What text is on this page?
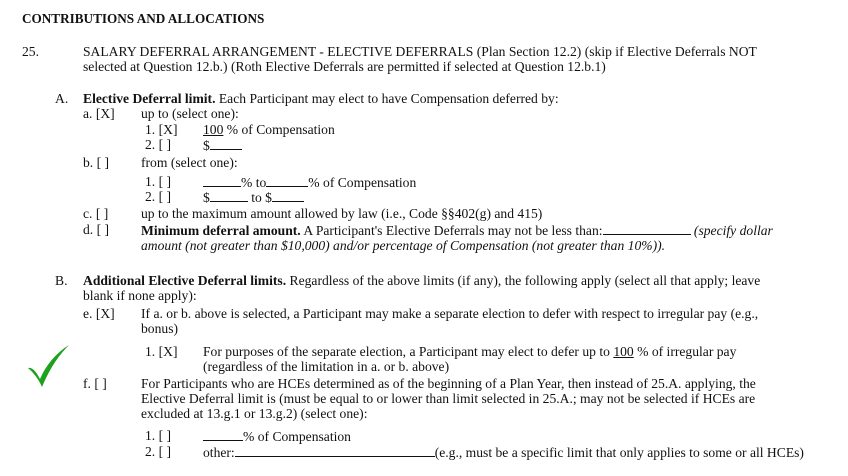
CONTRIBUTIONS AND ALLOCATIONS
25.	SALARY DEFERRAL ARRANGEMENT - ELECTIVE DEFERRALS (Plan Section 12.2) (skip if Elective Deferrals NOT
selected at Question 12.b.) (Roth Elective Deferrals are permitted if selected at Question 12.b.1)
A. Elective Deferral limit. Each Participant may elect to have Compensation deferred by:
a. [X] up to (select one):
1. [X] 100 % of Compensation
2. [ ] $
b. [ ] from (select one):
1. [ ]	% to	% of Compensation
2. [ ] $	to $
c. [ ] up to the maximum amount allowed by law (i.e., Code §§402(g) and 415)
d. [ ] Minimum deferral amount. A Participant's Elective Deferrals may not be less than:	(specify dollar
amount (not greater than $10,000) and/or percentage of Compensation (not greater than 10%)).
B. Additional Elective Deferral limits. Regardless of the above limits (if any), the following apply (select all that apply; leave
blank if none apply):
e. [X] If a. or b. above is selected, a Participant may make a separate election to defer with respect to irregular pay (e.g.,
bonus)
1. [X] For purposes of the separate election, a Participant may elect to defer up to 100 % of irregular pay
(regardless of the limitation in a. or b. above)
f. [ ]	For Participants who are HCEs determined as of the beginning of a Plan Year, then instead of 25.A. applying, the
Elective Deferral limit is (must be equal to or lower than limit selected in 25.A.; may not be selected if HCEs are
excluded at 13.g.1 or 13.g.2) (select one):
1. [ ]	% of Compensation
2. [ ] other:	(e.g., must be a specific limit that only applies to some or all HCEs)
